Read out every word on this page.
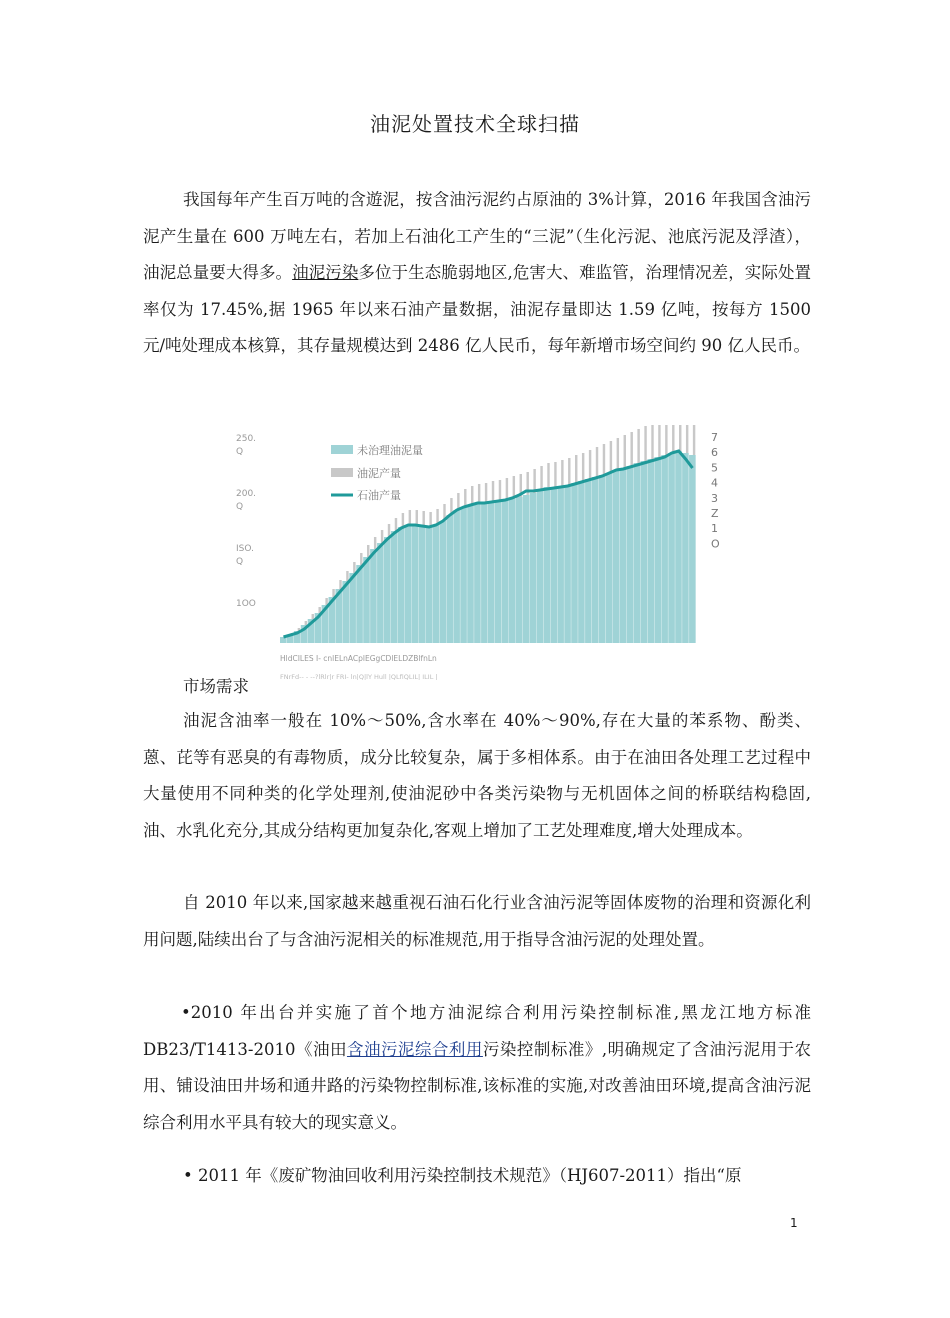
油泥处置技术全球扫描

我国每年产生百万吨的含遊泥，按含油污泥约占原油的 3%计算，2016 年我国含油污泥产生量在 600 万吨左右，若加上石油化工产生的“三泥”（生化污泥、池底污泥及浮渣），油泥总量要大得多。油泥污染多位于生态脆弱地区,危害大、难监管，治理情况差，实际处置率仅为 17.45%,据 1965 年以来石油产量数据，油泥存量即达 1.59 亿吨，按每方 1500 元/吨处理成本核算，其存量规模达到 2486 亿人民币，每年新增市场空间约 90 亿人民币。

250. Q
200. Q
ISO. Q
1OO
7
6
5
4
3
Z
1
O
未治理油泥量
油泥产量
石油产量
HldCILES I- cnlELnACplEGgCDlELDZBlfnLn
FNrFd-- - --?lRlr|r FRI- ln|Q|lY Hull |QLfiQLIL| ILIL |
市场需求

油泥含油率一般在 10%～50%,含水率在 40%～90%,存在大量的苯系物、酚类、蒽、芘等有恶臭的有毒物质，成分比较复杂，属于多相体系。由于在油田各处理工艺过程中大量使用不同种类的化学处理剂,使油泥砂中各类污染物与无机固体之间的桥联结构稳固,油、水乳化充分,其成分结构更加复杂化,客观上增加了工艺处理难度,增大处理成本。

自 2010 年以来,国家越来越重视石油石化行业含油污泥等固体废物的治理和资源化利用问题,陆续出台了与含油污泥相关的标准规范,用于指导含油污泥的处理处置。

•2010 年出台并实施了首个地方油泥综合利用污染控制标准,黑龙江地方标准DB23/T1413-2010《油田含油污泥综合利用污染控制标准》,明确规定了含油污泥用于农用、铺设油田井场和通井路的污染物控制标准,该标准的实施,对改善油田环境,提高含油污泥综合利用水平具有较大的现实意义。

• 2011 年《废矿物油回收利用污染控制技术规范》（HJ607-2011）指出“原

1
